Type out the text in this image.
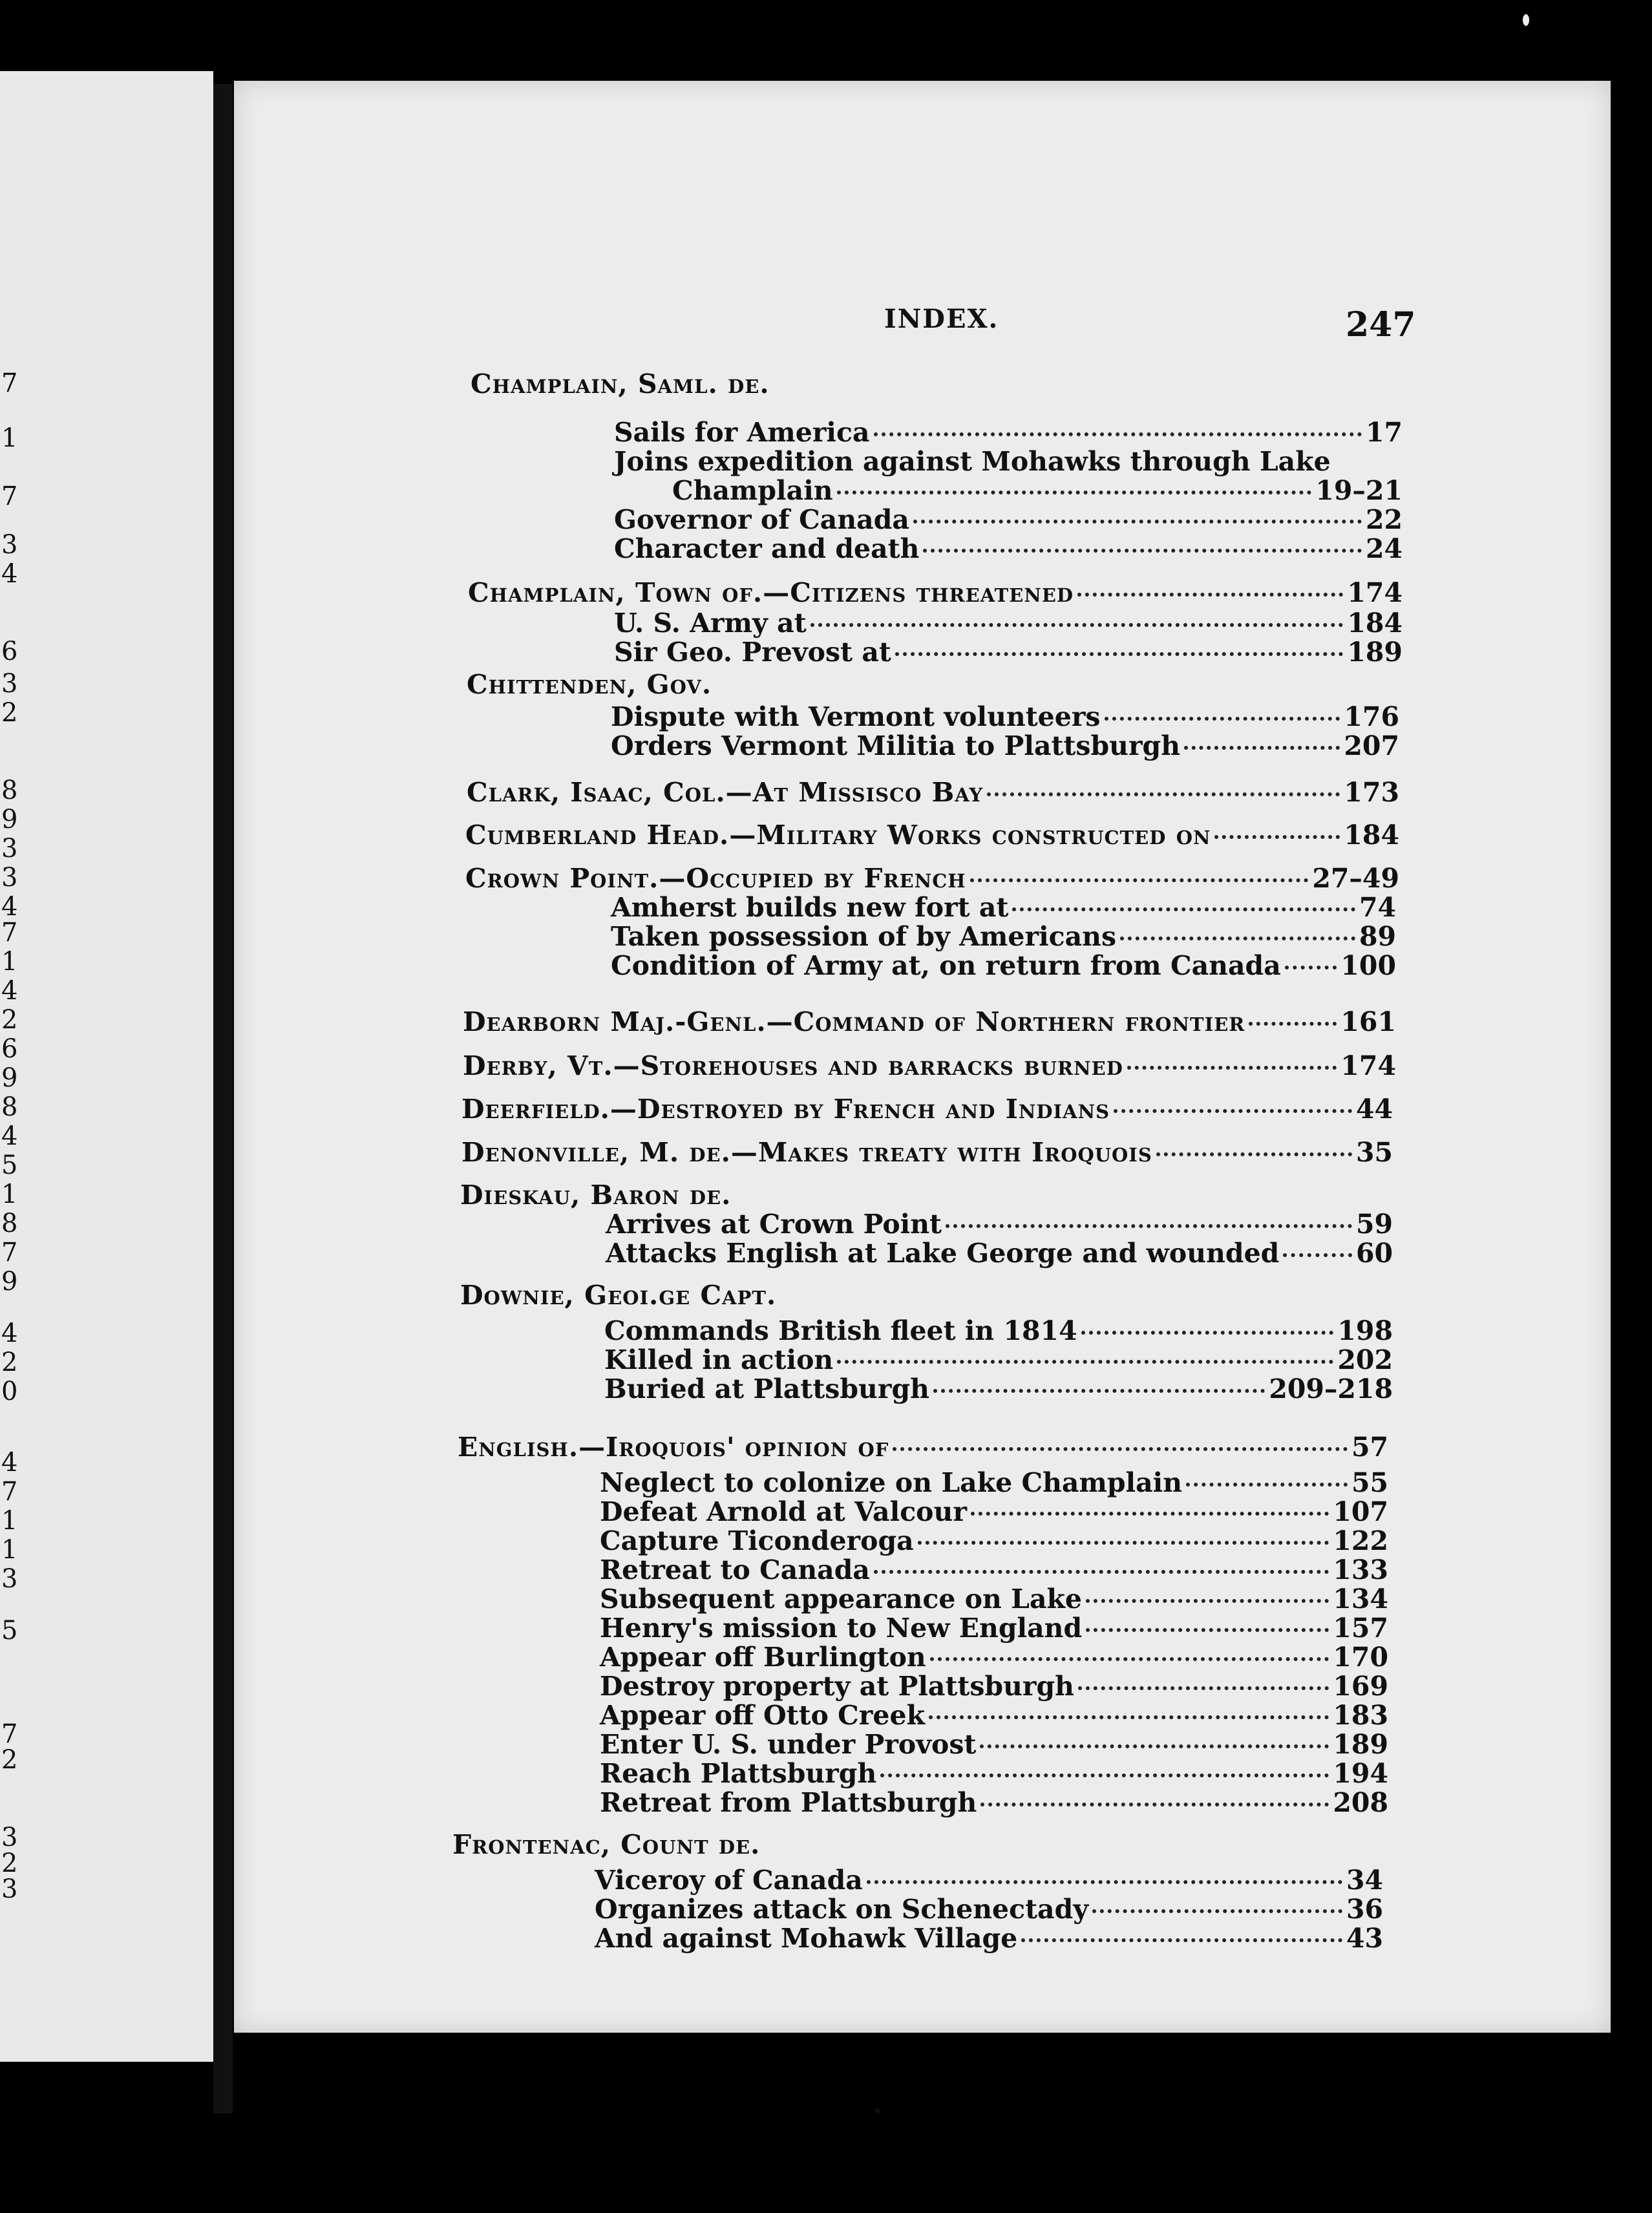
INDEX.	247
Champlain, Saml. de.
Sails for America	17
Joins expedition against Mohawks through Lake
Champlain	19–21
Governor of Canada	22
Character and death	24
Champlain, Town of.—Citizens threatened	174
U. S. Army at	184
Sir Geo. Prevost at	189
Chittenden, Gov.
Dispute with Vermont volunteers	176
Orders Vermont Militia to Plattsburgh	207
Clark, Isaac, Col.—At Missisco Bay	173
Cumberland Head.—Military Works constructed on	184
Crown Point.—Occupied by French	27–49
Amherst builds new fort at	74
Taken possession of by Americans	89
Condition of Army at, on return from Canada 100
Dearborn Maj.-Genl.—Command of Northern frontier	161
Derby, Vt.—Storehouses and barracks burned	174
Deerfield.—Destroyed by French and Indians	44
Denonville, M. de.—Makes treaty with Iroquois	35
Dieskau, Baron de.
Arrives at Crown Point	59
Attacks English at Lake George and wounded	60
Downie, Geoi.ge Capt.
Commands British fleet in 1814	198
Killed in action	202
Buried at Plattsburgh	209–218
English.—Iroquois' opinion of	57
Neglect to colonize on Lake Champlain	55
Defeat Arnold at Valcour	107
Capture Ticonderoga	122
Retreat to Canada	133
Subsequent appearance on Lake	134
Henry's mission to New England	157
Appear off Burlington	170
Destroy property at Plattsburgh	169
Appear off Otto Creek	183
Enter U. S. under Provost	189
Reach Plattsburgh	194
Retreat from Plattsburgh	208
Frontenac, Count de.
Viceroy of Canada	34
Organizes attack on Schenectady	36
And against Mohawk Village	43
7
1
7
3
4
6
3
2
8
9
3
3
4
7
1
4
2
6
9
8
4
5
1
8
7
9
4
2
0
4
7
1
1
3
5
7
2
3
2
3
